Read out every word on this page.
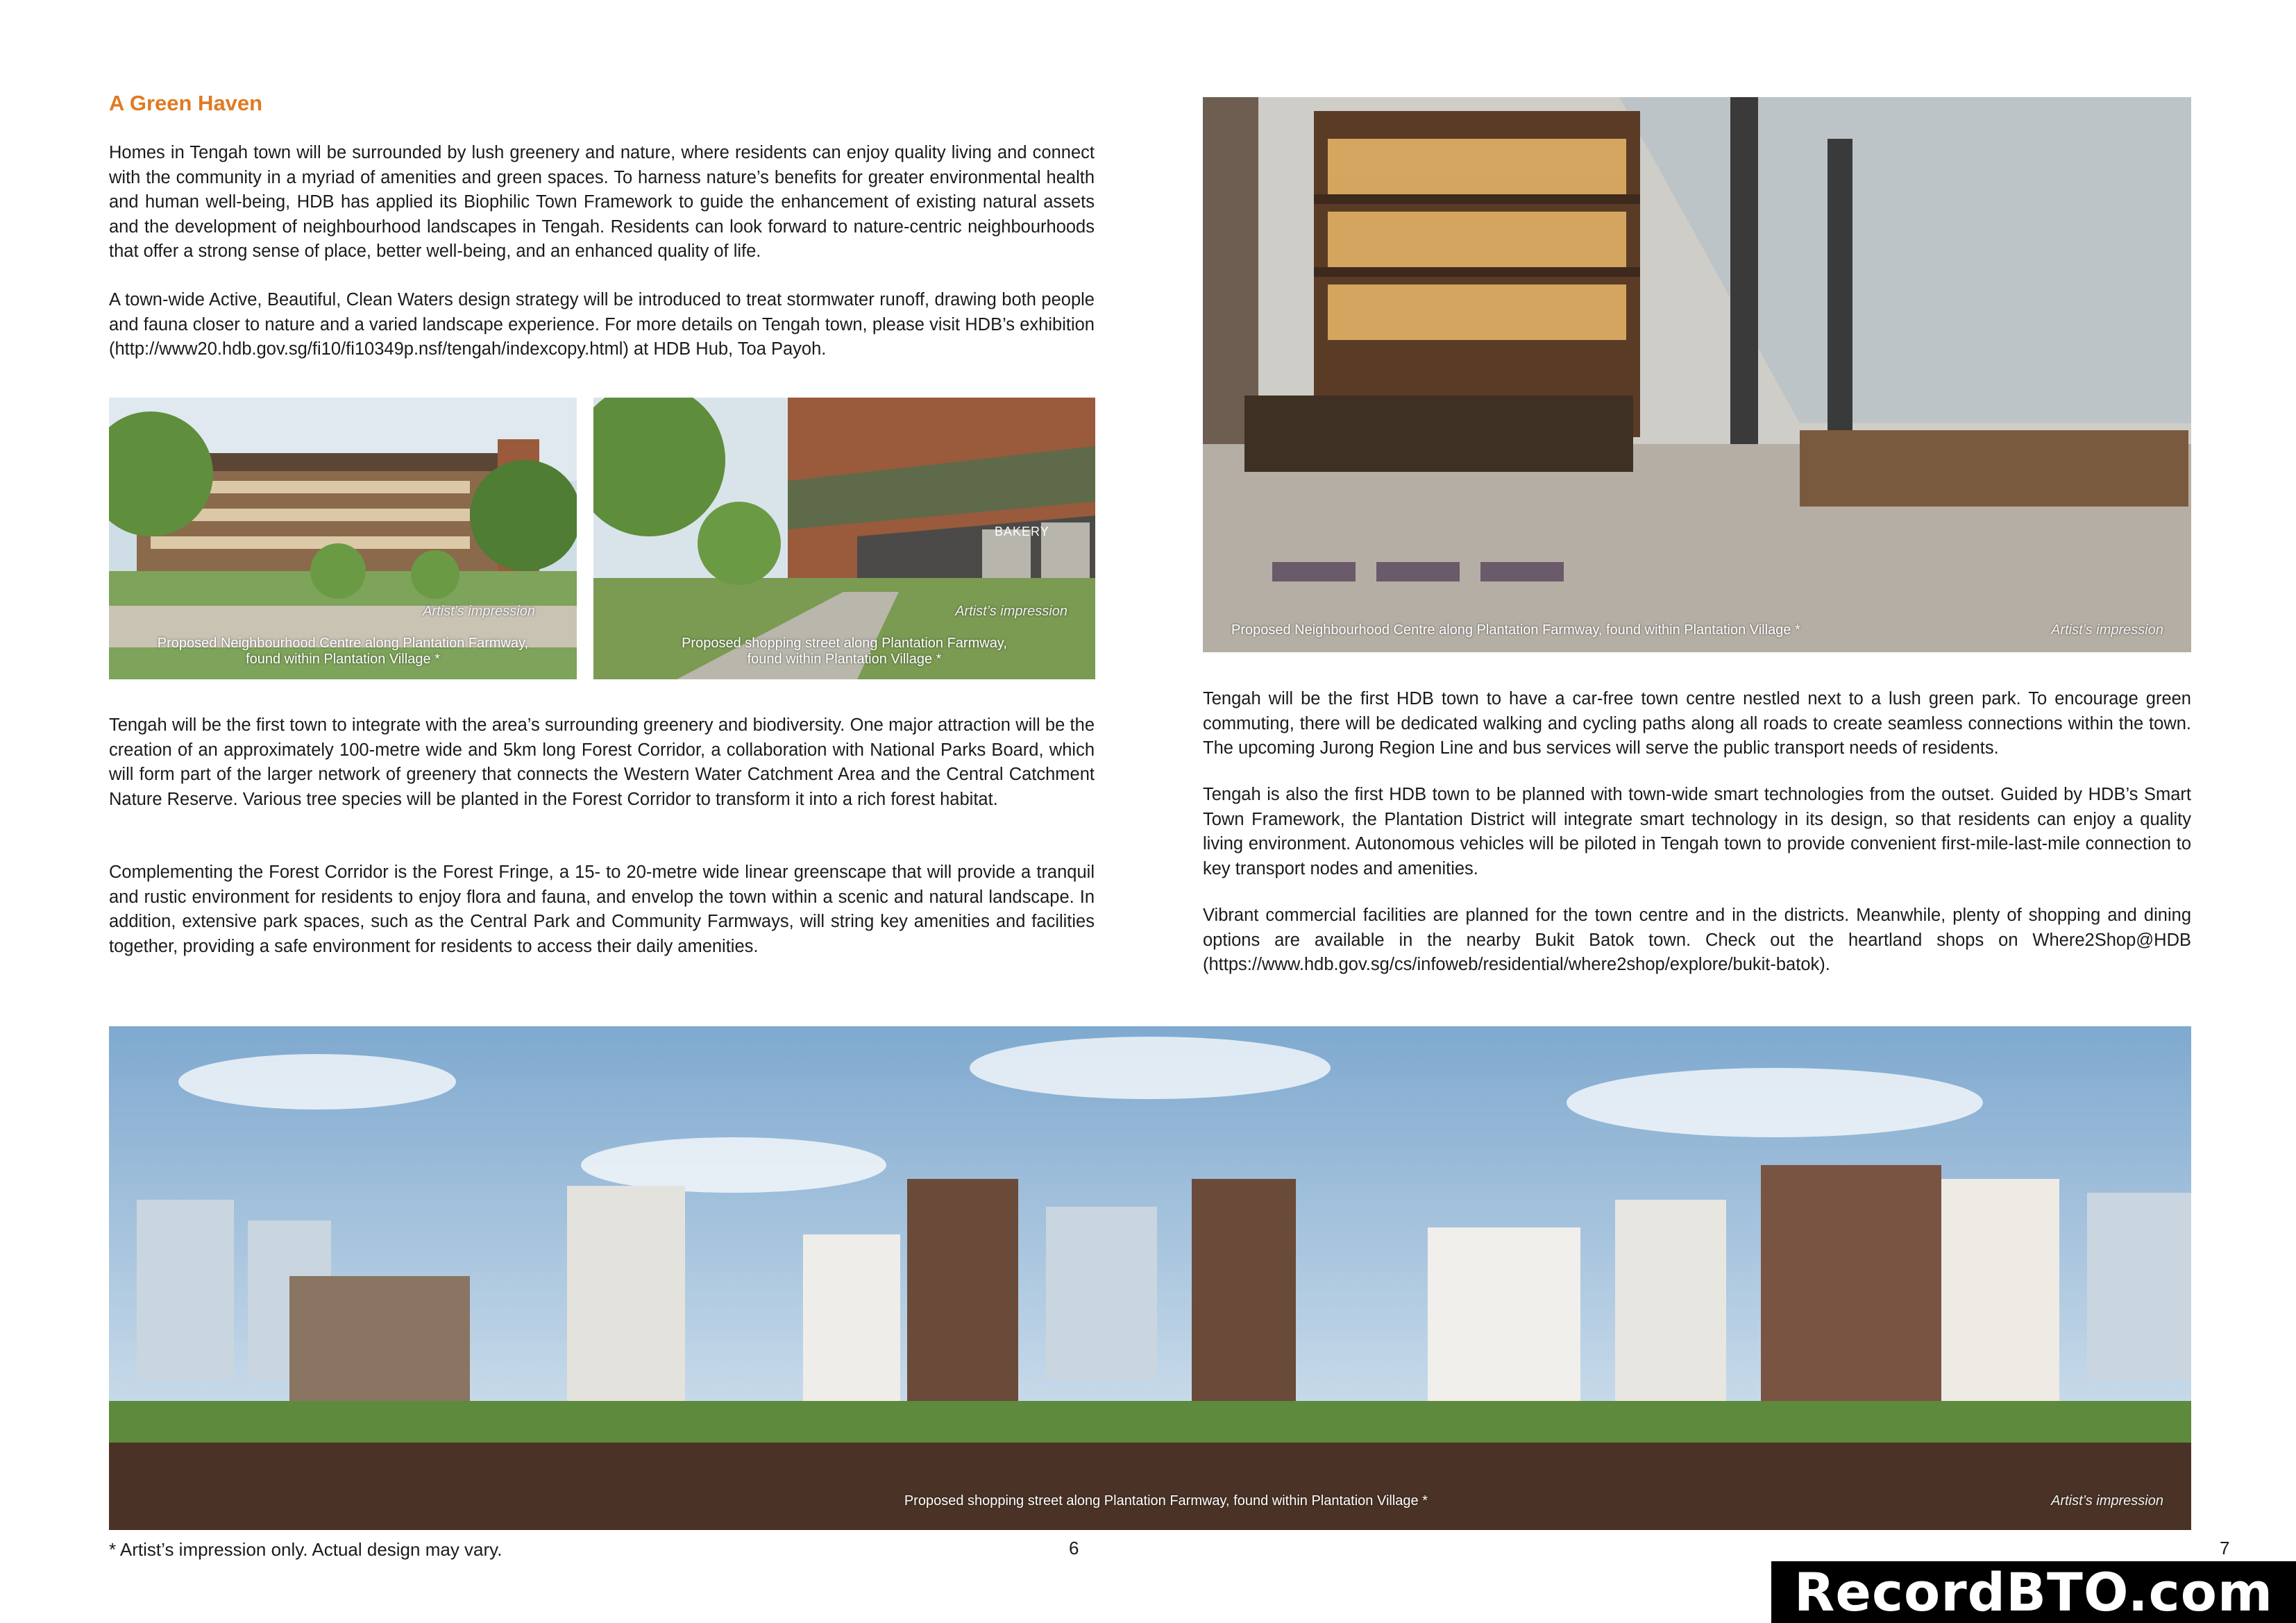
A Green Haven

Homes in Tengah town will be surrounded by lush greenery and nature, where residents can enjoy quality living and connect with the community in a myriad of amenities and green spaces. To harness nature’s benefits for greater environmental health and human well-being, HDB has applied its Biophilic Town Framework to guide the enhancement of existing natural assets and the development of neighbourhood landscapes in Tengah. Residents can look forward to nature-centric neighbourhoods that offer a strong sense of place, better well-being, and an enhanced quality of life.

A town-wide Active, Beautiful, Clean Waters design strategy will be introduced to treat stormwater runoff, drawing both people and fauna closer to nature and a varied landscape experience. For more details on Tengah town, please visit HDB’s exhibition (http://www20.hdb.gov.sg/fi10/fi10349p.nsf/tengah/indexcopy.html) at HDB Hub, Toa Payoh.

Artist’s impression
Proposed Neighbourhood Centre along Plantation Farmway,
found within Plantation Village *
BAKERY
Artist’s impression
Proposed shopping street along Plantation Farmway,
found within Plantation Village *

Tengah will be the first town to integrate with the area’s surrounding greenery and biodiversity. One major attraction will be the creation of an approximately 100-metre wide and 5km long Forest Corridor, a collaboration with National Parks Board, which will form part of the larger network of greenery that connects the Western Water Catchment Area and the Central Catchment Nature Reserve. Various tree species will be planted in the Forest Corridor to transform it into a rich forest habitat.

Complementing the Forest Corridor is the Forest Fringe, a 15- to 20-metre wide linear greenscape that will provide a tranquil and rustic environment for residents to enjoy flora and fauna, and envelop the town within a scenic and natural landscape. In addition, extensive park spaces, such as the Central Park and Community Farmways, will string key amenities and facilities together, providing a safe environment for residents to access their daily amenities.

Proposed Neighbourhood Centre along Plantation Farmway, found within Plantation Village *	Artist’s impression

Tengah will be the first HDB town to have a car-free town centre nestled next to a lush green park. To encourage green commuting, there will be dedicated walking and cycling paths along all roads to create seamless connections within the town. The upcoming Jurong Region Line and bus services will serve the public transport needs of residents.

Tengah is also the first HDB town to be planned with town-wide smart technologies from the outset. Guided by HDB’s Smart Town Framework, the Plantation District will integrate smart technology in its design, so that residents can enjoy a quality living environment. Autonomous vehicles will be piloted in Tengah town to provide convenient first-mile-last-mile connection to key transport nodes and amenities.

Vibrant commercial facilities are planned for the town centre and in the districts. Meanwhile, plenty of shopping and dining options are available in the nearby Bukit Batok town. Check out the heartland shops on Where2Shop@HDB (https://www.hdb.gov.sg/cs/infoweb/residential/where2shop/explore/bukit-batok).

Proposed shopping street along Plantation Farmway, found within Plantation Village *	Artist’s impression
* Artist’s impression only. Actual design may vary.	6	7
RecordBTO.com
